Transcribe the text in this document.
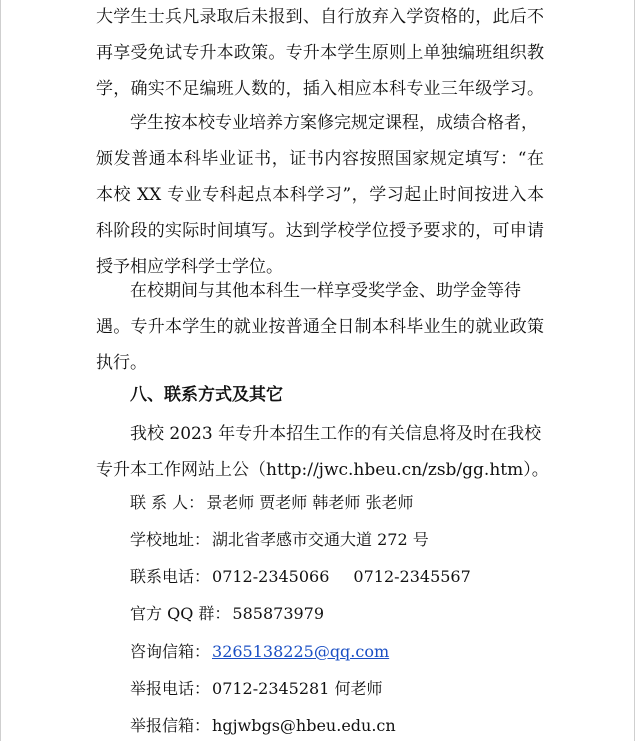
大学生士兵凡录取后未报到、自行放弃入学资格的，此后不
再享受免试专升本政策。专升本学生原则上单独编班组织教
学，确实不足编班人数的，插入相应本科专业三年级学习。
学生按本校专业培养方案修完规定课程，成绩合格者，
颁发普通本科毕业证书，证书内容按照国家规定填写：“在
本校 XX 专业专科起点本科学习”，学习起止时间按进入本
科阶段的实际时间填写。达到学校学位授予要求的，可申请
授予相应学科学士学位。
在校期间与其他本科生一样享受奖学金、助学金等待
遇。专升本学生的就业按普通全日制本科毕业生的就业政策
执行。
八、联系方式及其它
我校 2023 年专升本招生工作的有关信息将及时在我校
专升本工作网站上公（http://jwc.hbeu.cn/zsb/gg.htm）。
联 系 人： 景老师 贾老师 韩老师 张老师
学校地址： 湖北省孝感市交通大道 272 号
联系电话： 0712-2345066 0712-2345567
官方 QQ 群： 585873979
咨询信箱： 3265138225@qq.com
举报电话： 0712-2345281 何老师
举报信箱： hgjwbgs@hbeu.edu.cn
